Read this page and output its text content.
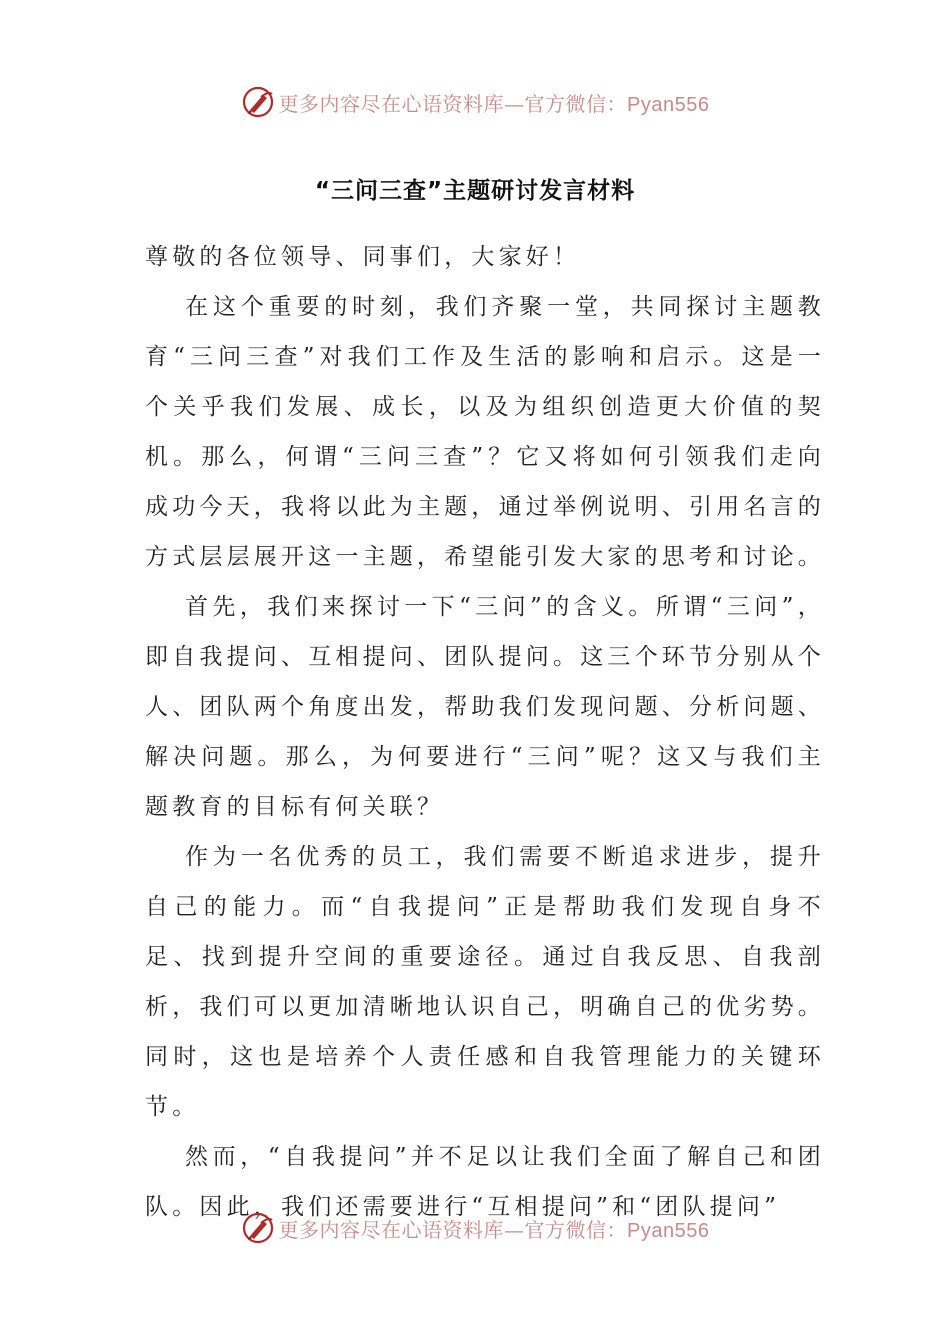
更多内容尽在心语资料库—官方微信：Pyan556
“三问三查”主题研讨发言材料

尊敬的各位领导、同事们，大家好！

在这个重要的时刻，我们齐聚一堂，共同探讨主题教育“三问三查”对我们工作及生活的影响和启示。这是一个关乎我们发展、成长，以及为组织创造更大价值的契机。那么，何谓“三问三查”？它又将如何引领我们走向成功今天，我将以此为主题，通过举例说明、引用名言的方式层层展开这一主题，希望能引发大家的思考和讨论。

首先，我们来探讨一下“三问”的含义。所谓“三问”，即自我提问、互相提问、团队提问。这三个环节分别从个人、团队两个角度出发，帮助我们发现问题、分析问题、解决问题。那么，为何要进行“三问”呢？这又与我们主题教育的目标有何关联？

作为一名优秀的员工，我们需要不断追求进步，提升自己的能力。而“自我提问”正是帮助我们发现自身不足、找到提升空间的重要途径。通过自我反思、自我剖析，我们可以更加清晰地认识自己，明确自己的优劣势。同时，这也是培养个人责任感和自我管理能力的关键环节。

然而，“自我提问”并不足以让我们全面了解自己和团队。因此，我们还需要进行“互相提问”和“团队提问”

更多内容尽在心语资料库—官方微信：Pyan556
